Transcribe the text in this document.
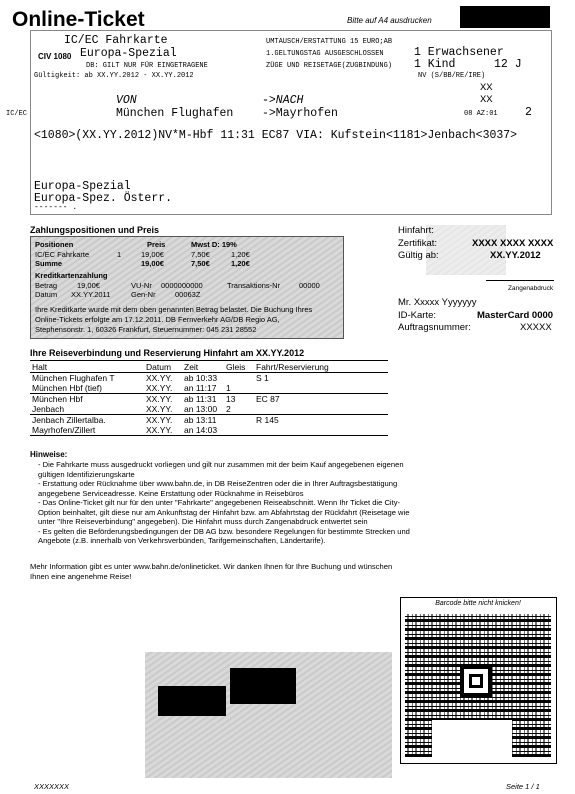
Online-Ticket	Bitte auf A4 ausdrucken
IC/EC Fahrkarte
Europa-Spezial
CIV 1080
DB: GILT NUR FÜR EINGETRAGENE
Gültigkeit: ab XX.YY.2012 - XX.YY.2012
UMTAUSCH/ERSTATTUNG 15 EURO;AB
1.GELTUNGSTAG AUSGESCHLOSSEN
ZÜGE UND REISETAGE(ZUGBINDUNG)
1 Erwachsener
1 Kind	12 J
NV (S/BB/RE/IRE)
XX
XX
08 AZ:01 2
IC/EC
VON	->NACH
München Flughafen ->Mayrhofen
<1080>(XX.YY.2012)NV*M-Hbf 11:31 EC87 VIA: Kufstein<1181>Jenbach<3037>
Europa-Spezial
Europa-Spez. Österr.
------- .
Zahlungspositionen und Preis
Positionen	Preis	Mwst D: 19%
IC/EC Fahrkarte	1	19,00€	7,50€	1,20€
Summe	19,00€	7,50€	1,20€
Kreditkartenzahlung
Betrag	19,00€	VU-Nr 0000000000	Transaktions-Nr	00000
Datum XX.YY.2011	Gen-Nr	00063Z
Ihre Kreditkarte wurde mit dem oben genannten Betrag belastet. Die Buchung Ihres
Online-Tickets erfolgte am 17.12.2011. DB Fernverkehr AG/DB Regio AG,
Stephensonstr. 1, 60326 Frankfurt, Steuernummer: 045 231 28552
Hinfahrt:
Zertifikat:	XXXX XXXX XXXX
Gültig ab:	XX.YY.2012
Zangenabdruck
Mr. Xxxxx Yyyyyyy
ID-Karte:	MasterCard 0000
Auftragsnummer:	XXXXX
Ihre Reiseverbindung und Reservierung Hinfahrt am XX.YY.2012
Halt	Datum	Zeit	Gleis	Fahrt/Reservierung
München Flughafen T	XX.YY.	ab 10:33		S 1
München Hbf (tief)	XX.YY.	an 11:17	1	
München Hbf	XX.YY.	ab 11:31	13	EC 87
Jenbach	XX.YY.	an 13:00	2	
Jenbach Zillertalba.	XX.YY.	ab 13:11		R 145
Mayrhofen/Zillert	XX.YY.	an 14:03		
Hinweise:
- Die Fahrkarte muss ausgedruckt vorliegen und gilt nur zusammen mit der beim Kauf angegebenen eigenen gültigen Identifizierungskarte
- Erstattung oder Rücknahme über www.bahn.de, in DB ReiseZentren oder die in Ihrer Auftragsbestätigung angegebene Serviceadresse. Keine Erstattung oder Rücknahme in Reisebüros
- Das Online-Ticket gilt nur für den unter "Fahrkarte" angegebenen Reiseabschnitt. Wenn Ihr Ticket die City-Option beinhaltet, gilt diese nur am Ankunftstag der Hinfahrt bzw. am Abfahrtstag der Rückfahrt (Reisetage wie unter "Ihre Reiseverbindung" angegeben). Die Hinfahrt muss durch Zangenabdruck entwertet sein
- Es gelten die Beförderungsbedingungen der DB AG bzw. besondere Regelungen für bestimmte Strecken und Angebote (z.B. innerhalb von Verkehrsverbünden, Tarifgemeinschaften, Ländertarife).
Mehr Information gibt es unter www.bahn.de/onlineticket. Wir danken Ihnen für Ihre Buchung und wünschen Ihnen eine angenehme Reise!
Barcode bitte nicht knicken!
XXXXXXX	Seite 1 / 1
